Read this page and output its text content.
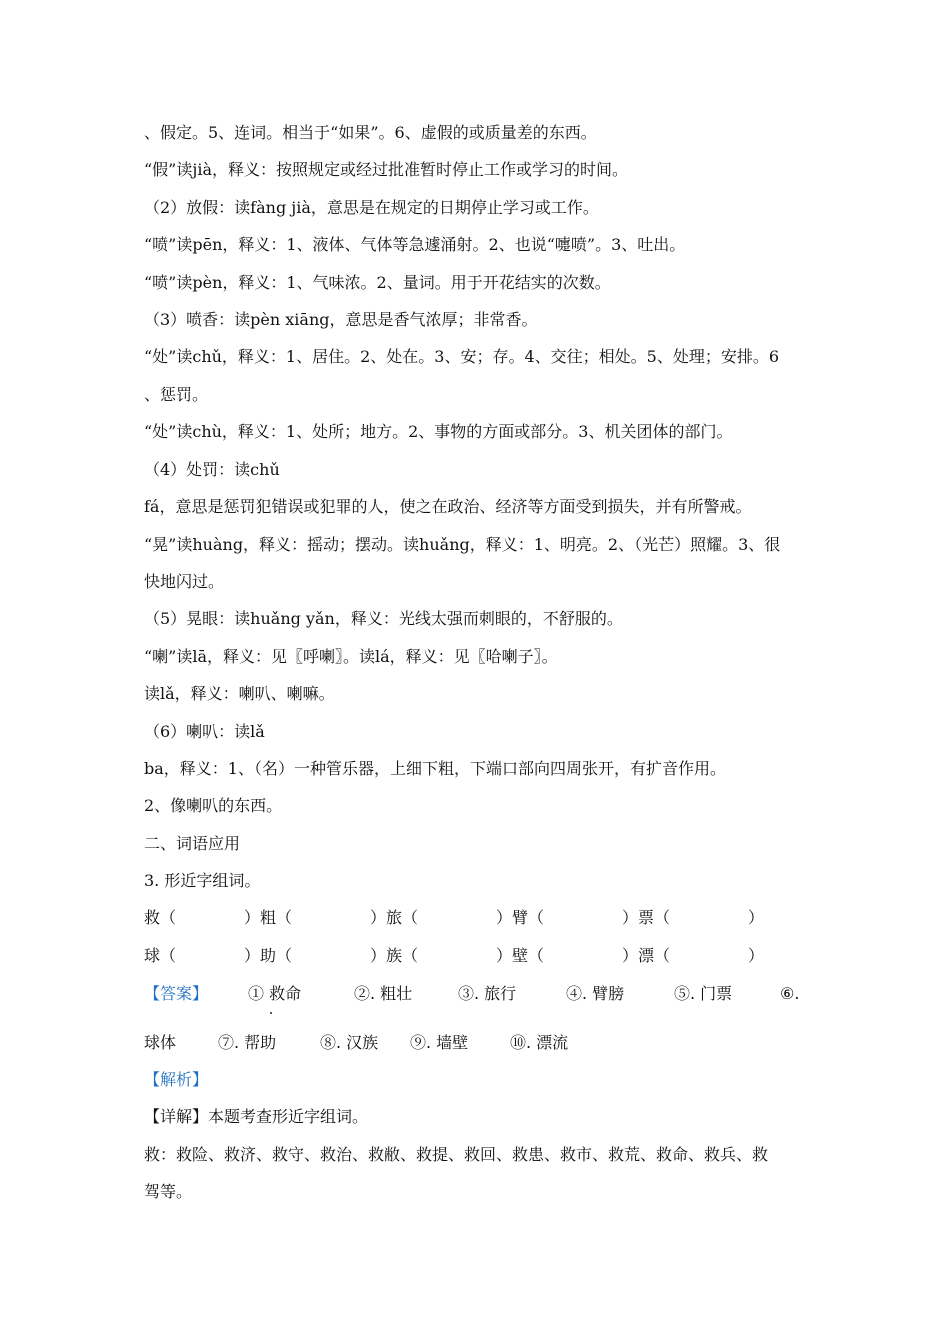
、假定。5、连词。相当于“如果”。6、虚假的或质量差的东西。
“假”读jià，释义：按照规定或经过批准暂时停止工作或学习的时间。
（2）放假：读fàng jià，意思是在规定的日期停止学习或工作。
“喷”读pēn，释义：1、液体、气体等急遽涌射。2、也说“嚏喷”。3、吐出。
“喷”读pèn，释义：1、气味浓。2、量词。用于开花结实的次数。
（3）喷香：读pèn xiāng，意思是香气浓厚；非常香。
“处”读chǔ，释义：1、居住。2、处在。3、安；存。4、交往；相处。5、处理；安排。6
、惩罚。
“处”读chù，释义：1、处所；地方。2、事物的方面或部分。3、机关团体的部门。
（4）处罚：读chǔ
fá，意思是惩罚犯错误或犯罪的人，使之在政治、经济等方面受到损失，并有所警戒。
“晃”读huàng，释义：摇动；摆动。读huǎng，释义：1、明亮。2、（光芒）照耀。3、很
快地闪过。
（5）晃眼：读huǎng yǎn，释义：光线太强而刺眼的，不舒服的。
“喇”读lā，释义：见〖呼喇〗。读lá，释义：见〖哈喇子〗。
读lǎ，释义：喇叭、喇嘛。
（6）喇叭：读lǎ
ba，释义：1、（名）一种管乐器，上细下粗，下端口部向四周张开，有扩音作用。
2、像喇叭的东西。
二、词语应用
3. 形近字组词。
救（	）粗（	）旅（	）臂（	）票（	）
球（	）助（	）族（	）壁（	）漂（	）
【答案】 ① 救命	②. 粗壮	③. 旅行	④. 臂膀	⑤. 门票	⑥.
球体	⑦. 帮助	⑧. 汉族 ⑨. 墙壁	⑩. 漂流
【解析】
【详解】本题考查形近字组词。
救：救险、救济、救守、救治、救敝、救提、救回、救患、救市、救荒、救命、救兵、救
驾等。
